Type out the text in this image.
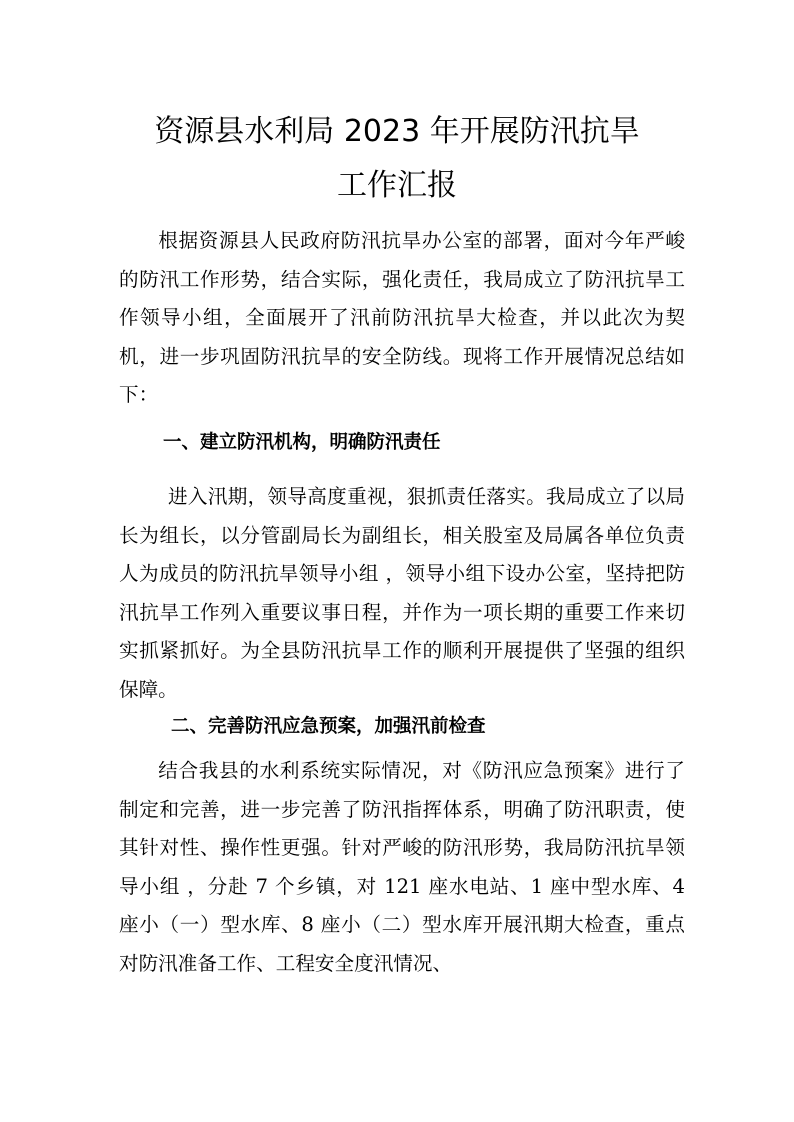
资源县水利局 2023 年开展防汛抗旱
工作汇报

根据资源县人民政府防汛抗旱办公室的部署，面对今年严峻的防汛工作形势，结合实际，强化责任，我局成立了防汛抗旱工作领导小组，全面展开了汛前防汛抗旱大检查，并以此次为契机，进一步巩固防汛抗旱的安全防线。现将工作开展情况总结如下：

一、建立防汛机构，明确防汛责任

进入汛期，领导高度重视，狠抓责任落实。我局成立了以局长为组长，以分管副局长为副组长，相关股室及局属各单位负责人为成员的防汛抗旱领导小组 ，领导小组下设办公室，坚持把防汛抗旱工作列入重要议事日程，并作为一项长期的重要工作来切实抓紧抓好。为全县防汛抗旱工作的顺利开展提供了坚强的组织保障。

二、完善防汛应急预案，加强汛前检查

结合我县的水利系统实际情况，对《防汛应急预案》进行了制定和完善，进一步完善了防汛指挥体系，明确了防汛职责，使其针对性、操作性更强。针对严峻的防汛形势，我局防汛抗旱领导小组 ，分赴 7 个乡镇，对 121 座水电站、1 座中型水库、4 座小（一）型水库、8 座小（二）型水库开展汛期大检查，重点对防汛准备工作、工程安全度汛情况、
